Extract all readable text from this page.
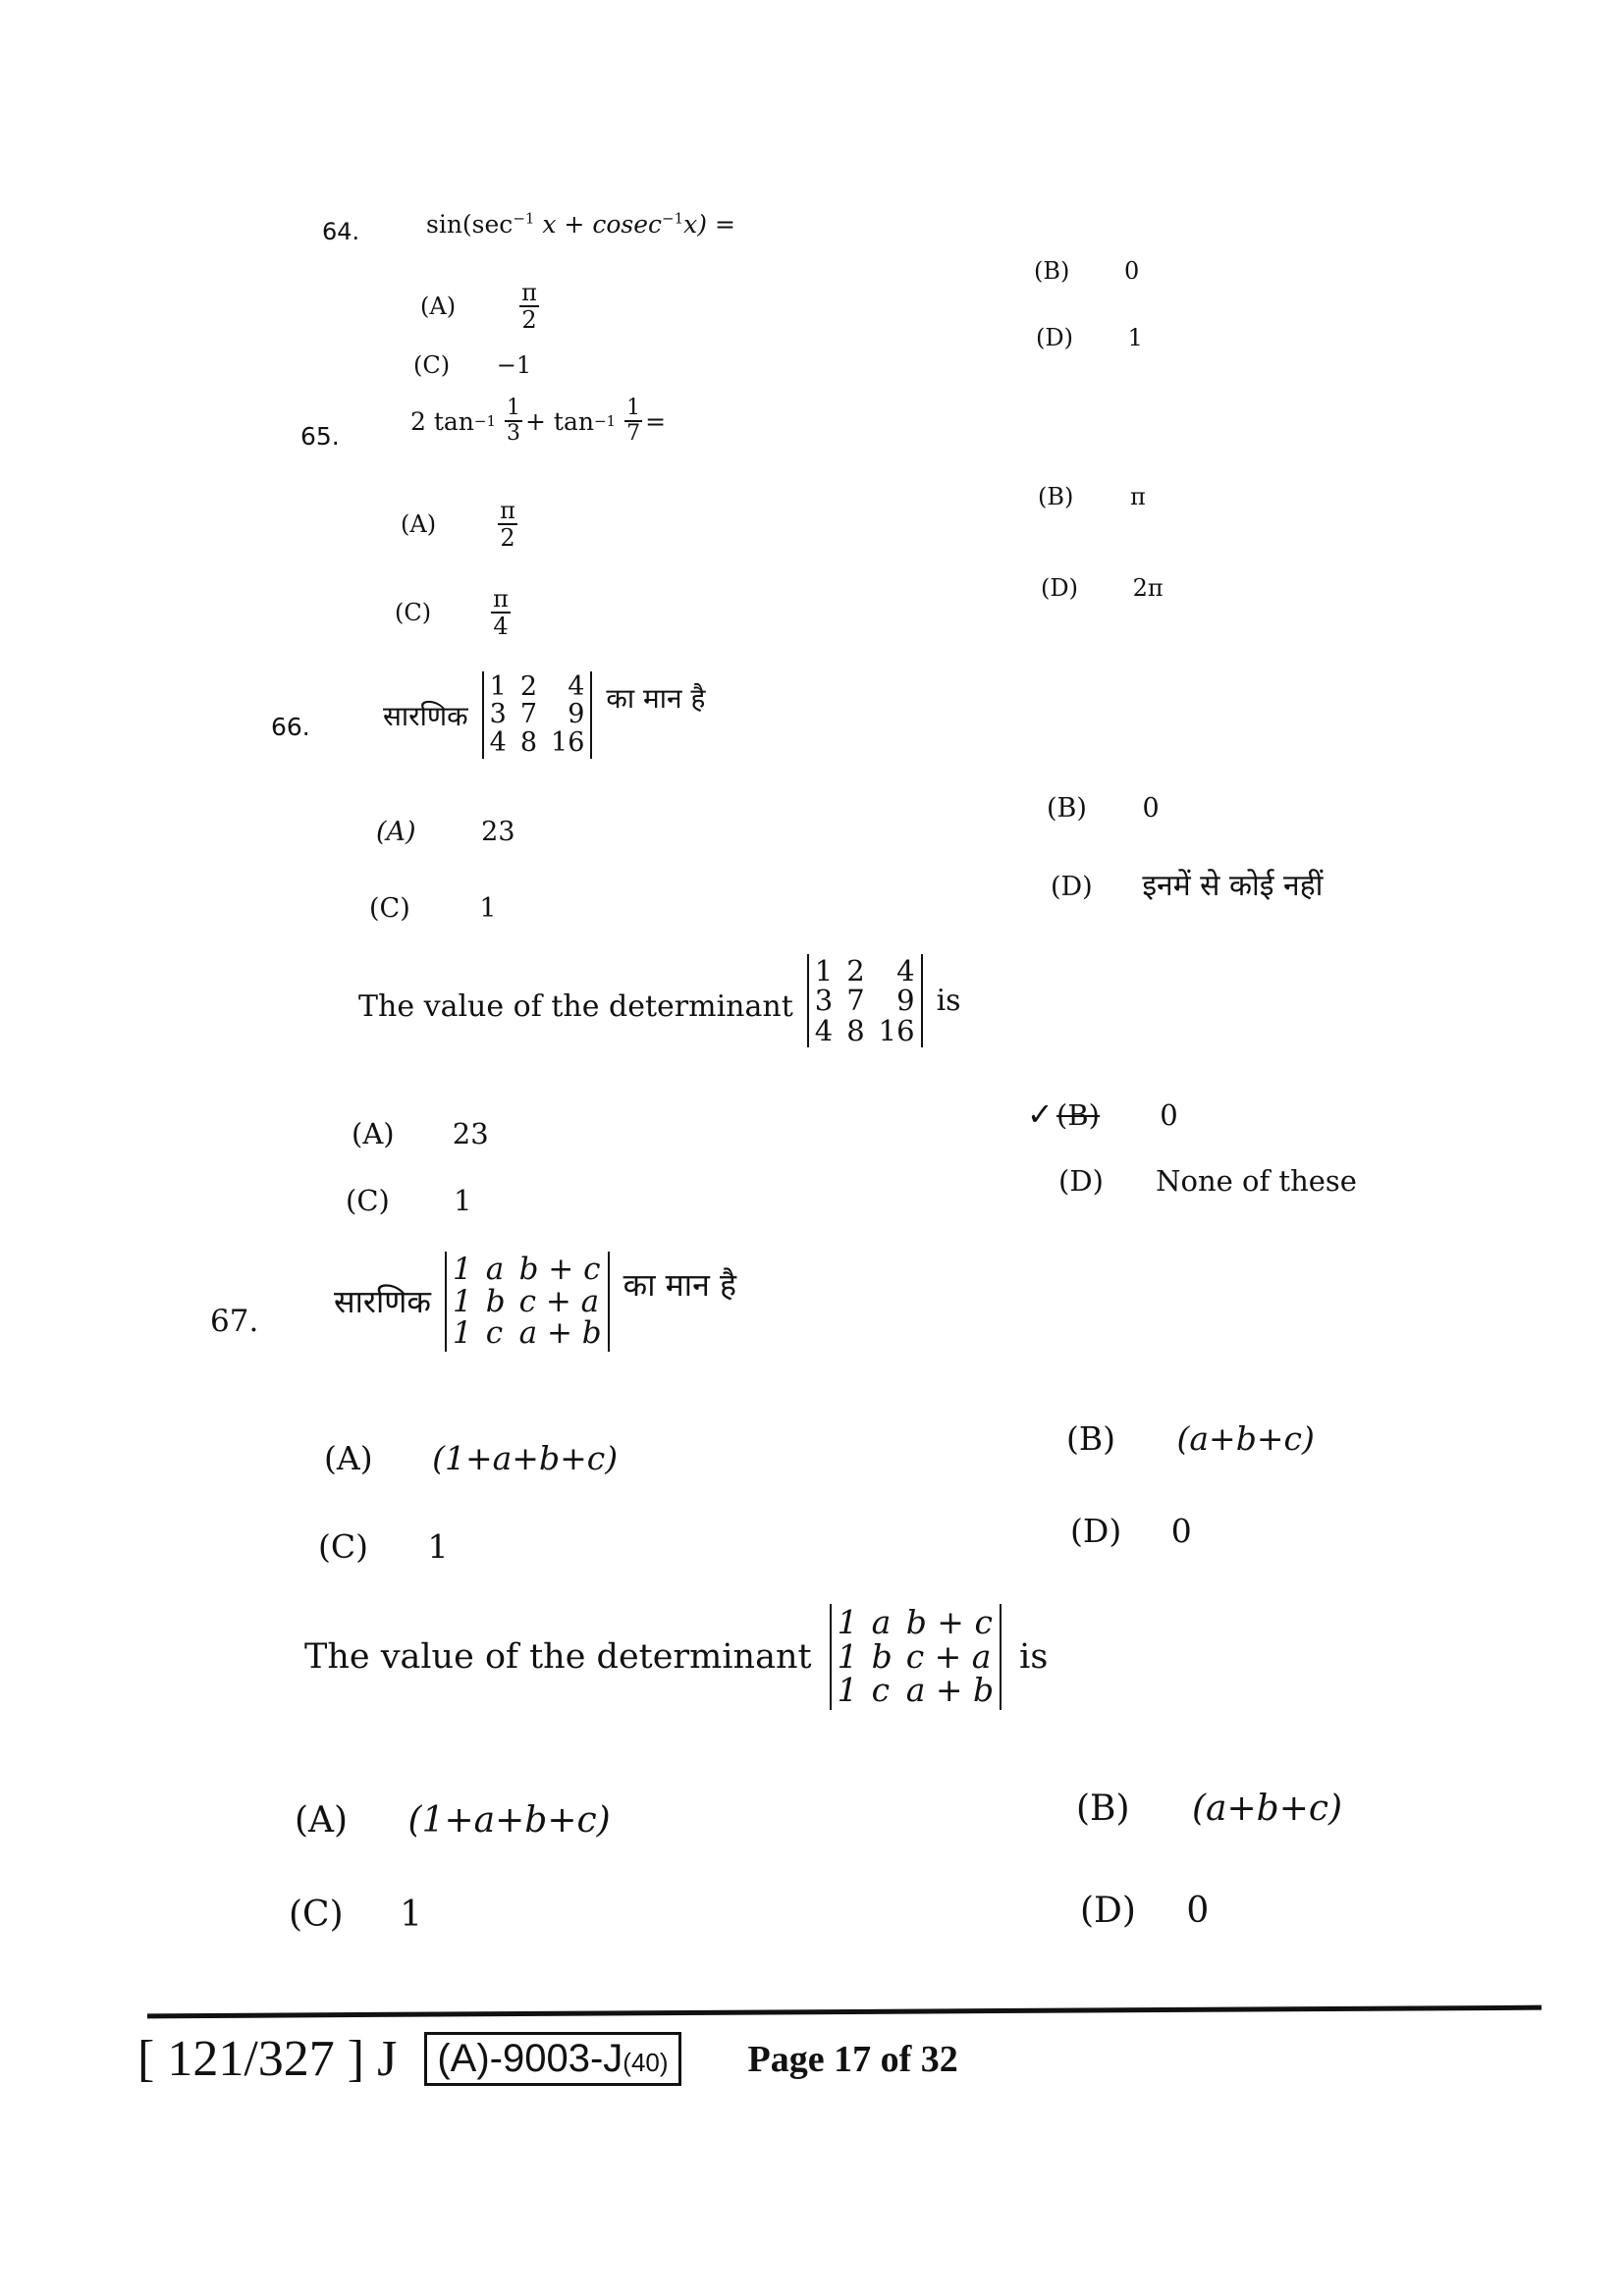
64.	$\sin(\sec^{-1}$ x + cosec$^{-1}$x) =
(A)	$\frac{\pi}{2}$
(B) 0
(C) −1
(D) 1
65.
2 $\tan -1 \frac{1}{3} + \tan -1 \frac{1}{7}$ =
(A)	$\frac{\pi}{2}$
(B) π
(C)	$\frac{\pi}{4}$	(D) 2π
66.	सारणिक
1 2	4
3 7	9
4 8 16
का मान है
(A) 23
(B) 0
(C)	1
(D) इनमें से कोई नहीं
The value of the determinant
1 2	4
3 7	9
4 8 16
is
(A) 23
✓ (B) 0
(C) 1
(D) None of these
67.
सारणिक
1 a b + c
1 b c + a
1 c a + b
का मान है
(A) (1+a+b+c)
(B) (a+b+c)
(C) 1	(D) 0
The value of the determinant
1 a b + c
1 b c + a
1 c a + b
is
(A) (1+a+b+c)	(B) (a+b+c)
(C) 1	(D) 0
[ 121/327 ] J	(A)-9003-J(40)	Page 17 of 32
